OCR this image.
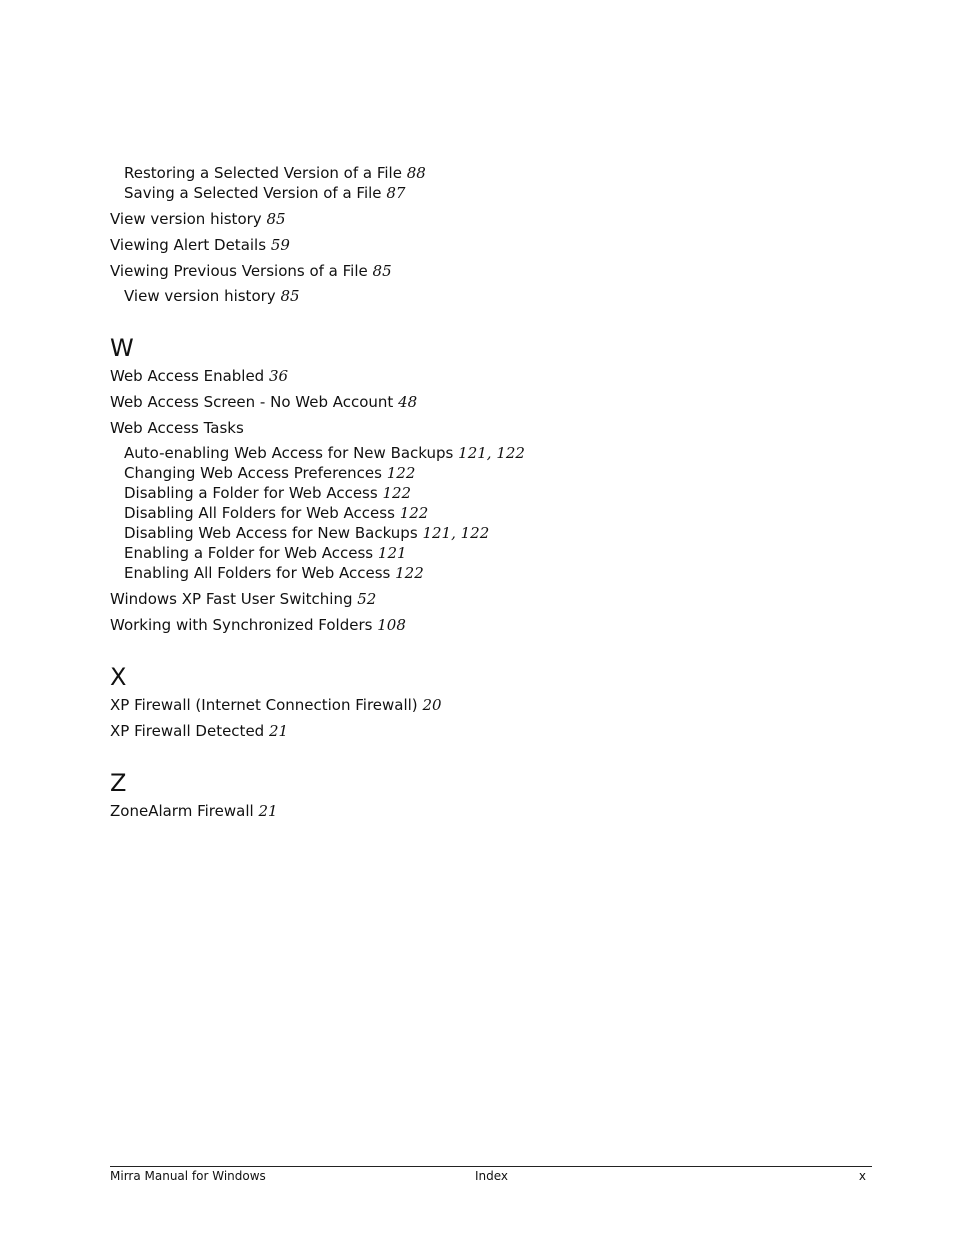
Restoring a Selected Version of a File 88
Saving a Selected Version of a File 87
View version history 85
Viewing Alert Details 59
Viewing Previous Versions of a File 85
View version history 85
W
Web Access Enabled 36
Web Access Screen - No Web Account 48
Web Access Tasks
Auto-enabling Web Access for New Backups 121, 122
Changing Web Access Preferences 122
Disabling a Folder for Web Access 122
Disabling All Folders for Web Access 122
Disabling Web Access for New Backups 121, 122
Enabling a Folder for Web Access 121
Enabling All Folders for Web Access 122
Windows XP Fast User Switching 52
Working with Synchronized Folders 108
X
XP Firewall (Internet Connection Firewall) 20
XP Firewall Detected 21
Z
ZoneAlarm Firewall 21
Mirra Manual for Windows	Index	x
